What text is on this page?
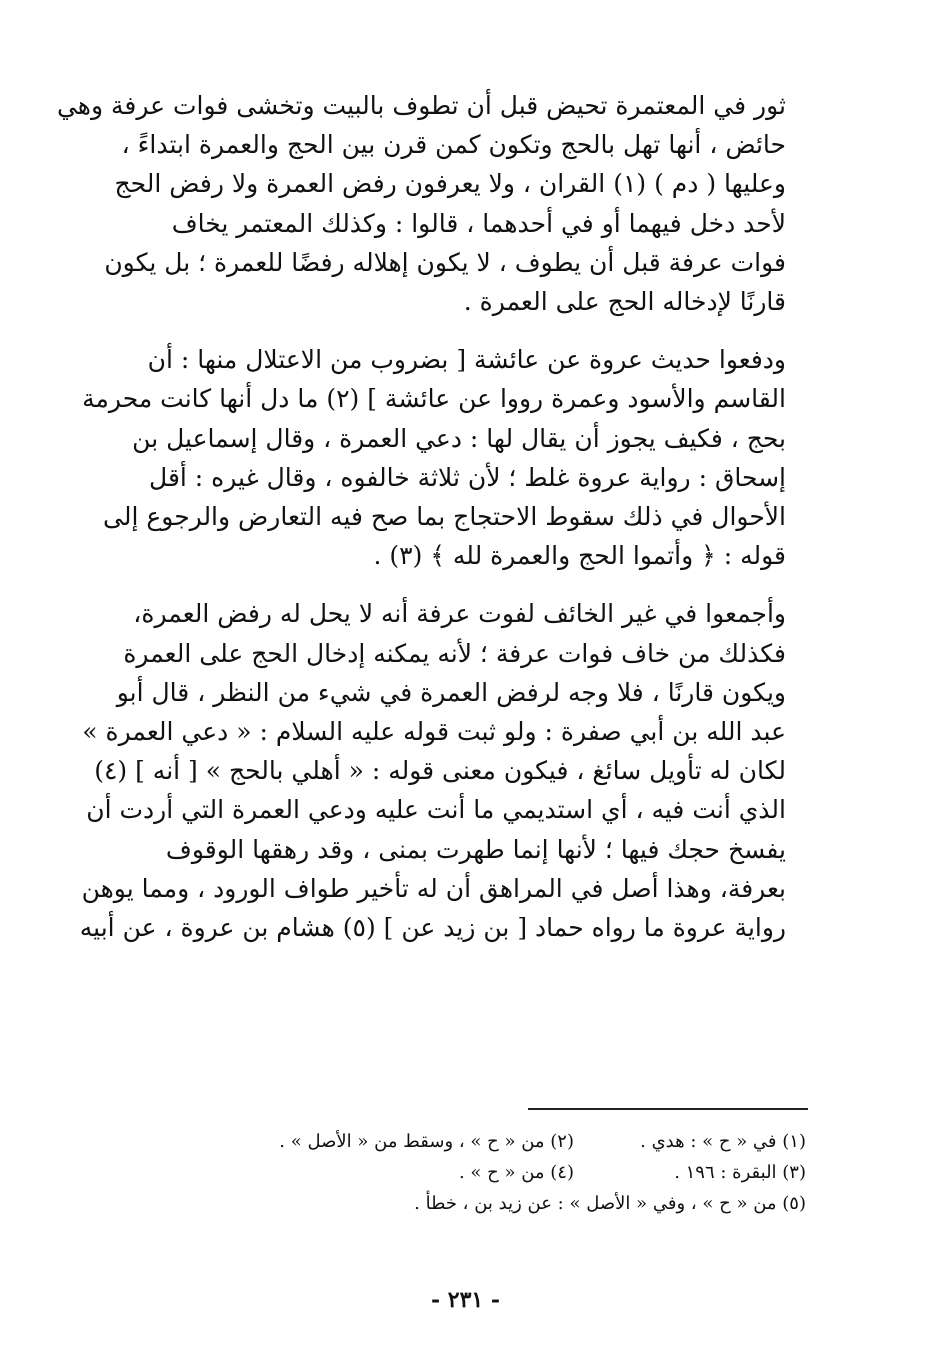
ثور في المعتمرة تحيض قبل أن تطوف بالبيت وتخشى فوات عرفة وهي
حائض ، أنها تهل بالحج وتكون كمن قرن بين الحج والعمرة ابتداءً ،
وعليها ( دم ) (١) القران ، ولا يعرفون رفض العمرة ولا رفض الحج
لأحد دخل فيهما أو في أحدهما ، قالوا : وكذلك المعتمر يخاف
فوات عرفة قبل أن يطوف ، لا يكون إهلاله رفضًا للعمرة ؛ بل يكون
قارنًا لإدخاله الحج على العمرة .

ودفعوا حديث عروة عن عائشة [ بضروب من الاعتلال منها : أن
القاسم والأسود وعمرة رووا عن عائشة ] (٢) ما دل أنها كانت محرمة
بحج ، فكيف يجوز أن يقال لها : دعي العمرة ، وقال إسماعيل بن
إسحاق : رواية عروة غلط ؛ لأن ثلاثة خالفوه ، وقال غيره : أقل
الأحوال في ذلك سقوط الاحتجاج بما صح فيه التعارض والرجوع إلى
قوله : ﴿ وأتموا الحج والعمرة لله ﴾ (٣) .

وأجمعوا في غير الخائف لفوت عرفة أنه لا يحل له رفض العمرة،
فكذلك من خاف فوات عرفة ؛ لأنه يمكنه إدخال الحج على العمرة
ويكون قارنًا ، فلا وجه لرفض العمرة في شيء من النظر ، قال أبو
عبد الله بن أبي صفرة : ولو ثبت قوله عليه السلام : « دعي العمرة »
لكان له تأويل سائغ ، فيكون معنى قوله : « أهلي بالحج » [ أنه ] (٤)
الذي أنت فيه ، أي استديمي ما أنت عليه ودعي العمرة التي أردت أن
يفسخ حجك فيها ؛ لأنها إنما طهرت بمنى ، وقد رهقها الوقوف
بعرفة، وهذا أصل في المراهق أن له تأخير طواف الورود ، ومما يوهن
رواية عروة ما رواه حماد [ بن زيد عن ] (٥) هشام بن عروة ، عن أبيه

(١) في « ح » : هدي .
(٢) من « ح » ، وسقط من « الأصل » .
(٣) البقرة : ١٩٦ .
(٤) من « ح » .
(٥) من « ح » ، وفي « الأصل » : عن زيد بن ، خطأ .
- ٢٣١ -
